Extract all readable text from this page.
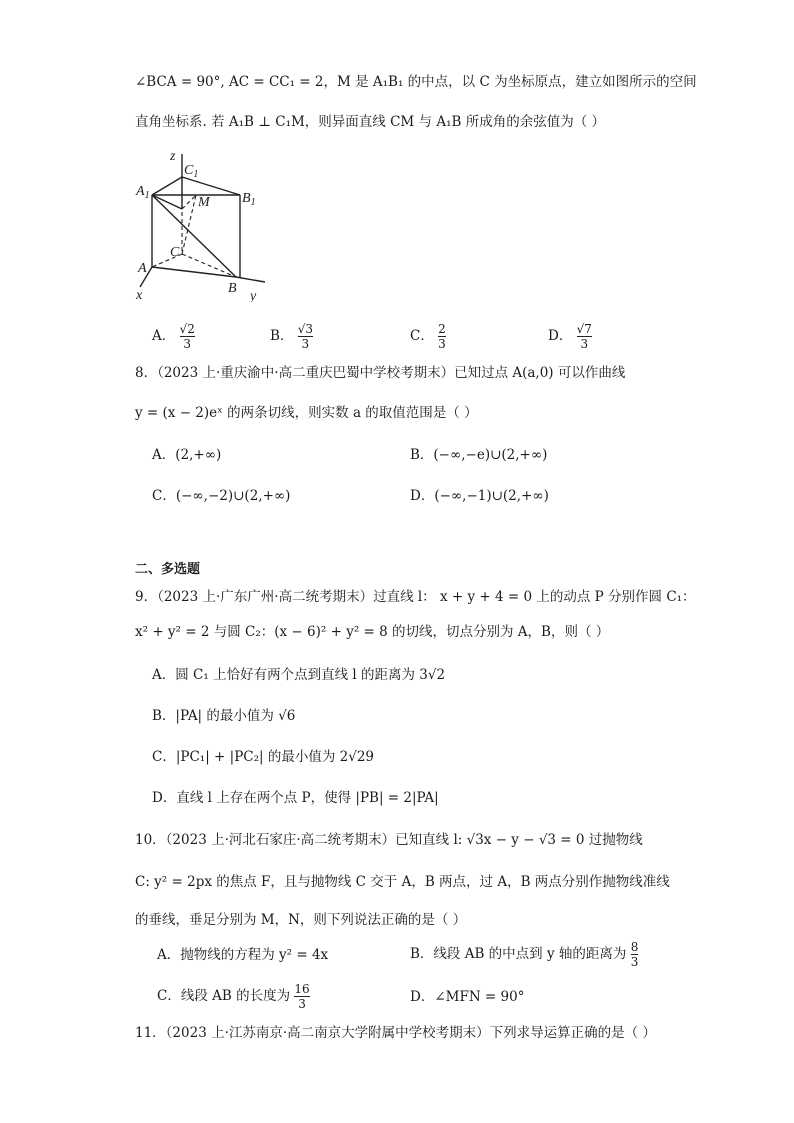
∠BCA = 90°, AC = CC₁ = 2，M 是 A₁B₁ 的中点，以 C 为坐标原点，建立如图所示的空间
直角坐标系. 若 A₁B ⊥ C₁M，则异面直线 CM 与 A₁B 所成角的余弦值为（ ）
z
$C_1$
$A_1$	M $B_1$
C
A
B
x	y
A． $\frac{√2}{3}$	B． $\frac{√3}{3}$	C． $\frac{2}{3}$	D． $\frac{√7}{3}$
8．（2023 上·重庆渝中·高二重庆巴蜀中学校考期末）已知过点 A(a,0) 可以作曲线
y = (x − 2)eˣ 的两条切线，则实数 a 的取值范围是（ ）
A．(2,+∞)	B．(−∞,−e)∪(2,+∞)
C．(−∞,−2)∪(2,+∞)	D．(−∞,−1)∪(2,+∞)
二、多选题
9．（2023 上·广东广州·高二统考期末）过直线 l： x + y + 4 = 0 上的动点 P 分别作圆 C₁：
x² + y² = 2 与圆 C₂：(x − 6)² + y² = 8 的切线，切点分别为 A，B，则（ ）
A．圆 C₁ 上恰好有两个点到直线 l 的距离为 3√2
B．|PA| 的最小值为 √6
C．|PC₁| + |PC₂| 的最小值为 2√29
D．直线 l 上存在两个点 P，使得 |PB| = 2|PA|
10．（2023 上·河北石家庄·高二统考期末）已知直线 l: √3x − y − √3 = 0 过抛物线
C: y² = 2px 的焦点 F，且与抛物线 C 交于 A，B 两点，过 A，B 两点分别作抛物线准线
的垂线，垂足分别为 M，N，则下列说法正确的是（ ）
A．抛物线的方程为 y² = 4x	B．线段 AB 的中点到 y 轴的距离为 $\frac{8}{3}$
C．线段 AB 的长度为 $\frac{16}{3}$	D．∠MFN = 90°
11．（2023 上·江苏南京·高二南京大学附属中学校考期末）下列求导运算正确的是（ ）
